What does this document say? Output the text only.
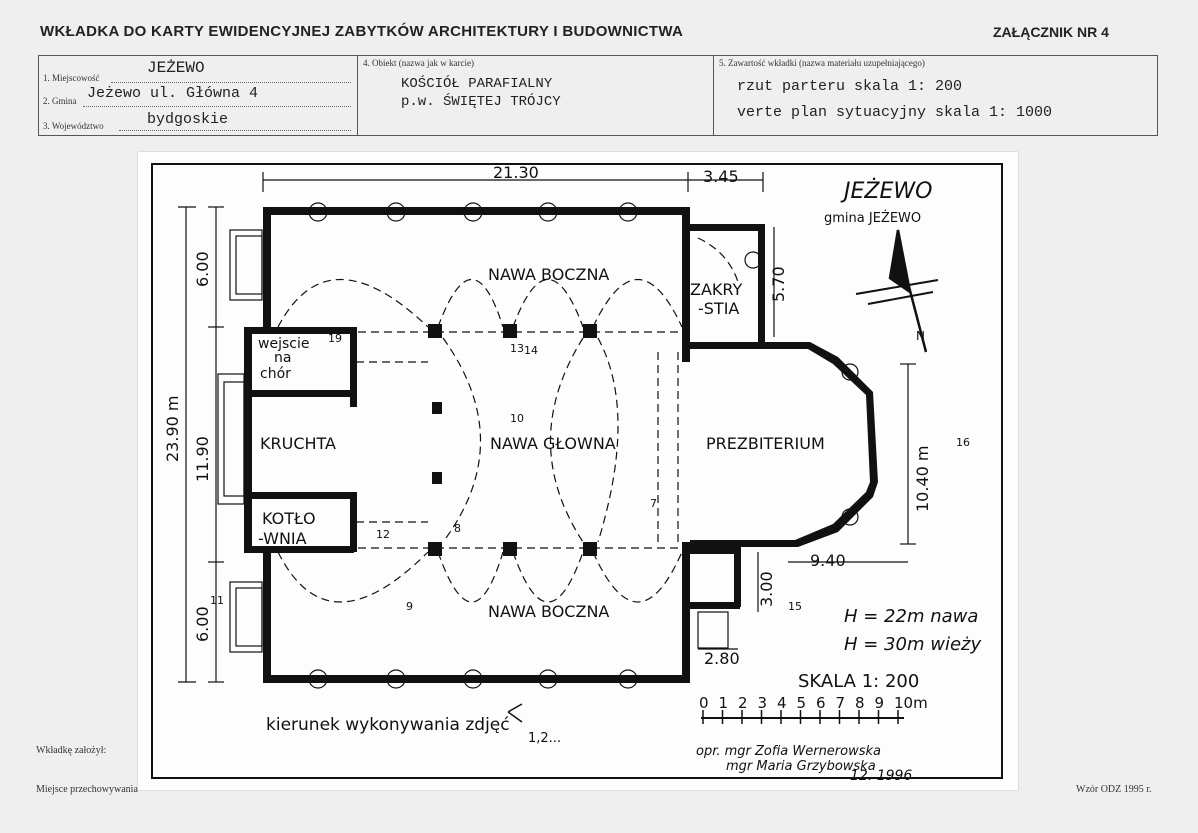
WKŁADKA DO KARTY EWIDENCYJNEJ ZABYTKÓW ARCHITEKTURY I BUDOWNICTWA	ZAŁĄCZNIK NR 4
1. Miejscowość
JEŻEWO
2. Gmina Jeżewo ul. Główna 4
3. Województwo	bydgoskie
4. Obiekt (nazwa jak w karcie)
KOŚCIÓŁ PARAFIALNY
p.w. ŚWIĘTEJ TRÓJCY
5. Zawartość wkładki (nazwa materiału uzupełniającego)
rzut parteru skala 1: 200
verte plan sytuacyjny skala 1: 1000
21.30	3.45
23.90 m
6.00
11.90
6.00
5.70
10.40 m
9.40
3.00
2.80
NAWA BOCZNA
NAWA BOCZNA
NAWA GŁOWNA	PREZBITERIUM
ZAKRY
-STIA
KRUCHTA
KOTŁO
-WNIA
wejscie
na
chór
19
13 14
10
7
8
12
9
11	15
16
JEŻEWO
gmina JEŻEWO
N
H = 22m nawa
H = 30m wieży
SKALA 1: 200
0 1 2 3 4 5 6 7 8 9 10m
kierunek wykonywania zdjęć
1,2...
opr. mgr Zofia Wernerowska
mgr Maria Grzybowska
12. 1996
Wkładkę założył:
Miejsce przechowywania	Wzór ODZ 1995 r.
